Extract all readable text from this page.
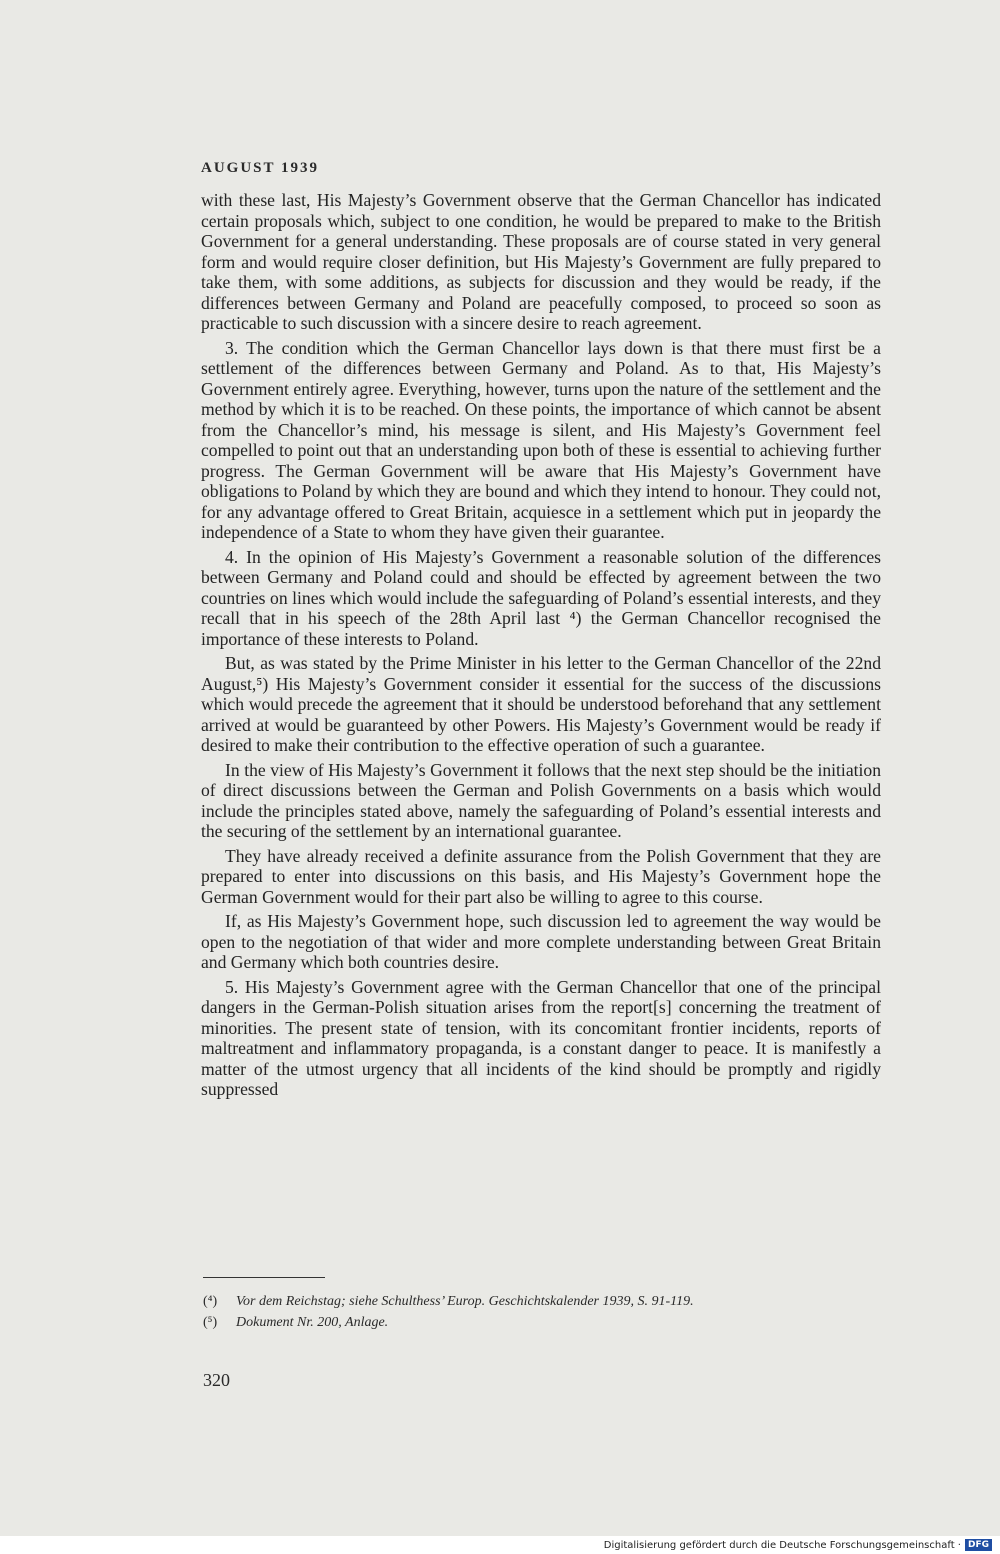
AUGUST 1939

with these last, His Majesty’s Government observe that the German Chancellor has indicated certain proposals which, subject to one condition, he would be prepared to make to the British Government for a general understanding. These proposals are of course stated in very general form and would require closer definition, but His Majesty’s Government are fully prepared to take them, with some additions, as subjects for discussion and they would be ready, if the differences between Germany and Poland are peacefully composed, to proceed so soon as practicable to such discussion with a sincere desire to reach agreement.

3. The condition which the German Chancellor lays down is that there must first be a settlement of the differences between Germany and Poland. As to that, His Majesty’s Government entirely agree. Everything, however, turns upon the nature of the settlement and the method by which it is to be reached. On these points, the importance of which cannot be absent from the Chancellor’s mind, his message is silent, and His Majesty’s Government feel compelled to point out that an understanding upon both of these is essential to achieving further progress. The German Government will be aware that His Majesty’s Government have obligations to Poland by which they are bound and which they intend to honour. They could not, for any advantage offered to Great Britain, acquiesce in a settlement which put in jeopardy the independence of a State to whom they have given their guarantee.

4. In the opinion of His Majesty’s Government a reasonable solution of the differences between Germany and Poland could and should be effected by agreement between the two countries on lines which would include the safeguarding of Poland’s essential interests, and they recall that in his speech of the 28th April last ⁴) the German Chancellor recognised the importance of these interests to Poland.

But, as was stated by the Prime Minister in his letter to the German Chancellor of the 22nd August,⁵) His Majesty’s Government consider it essential for the success of the discussions which would precede the agreement that it should be understood beforehand that any settlement arrived at would be guaranteed by other Powers. His Majesty’s Government would be ready if desired to make their contribution to the effective operation of such a guarantee.

In the view of His Majesty’s Government it follows that the next step should be the initiation of direct discussions between the German and Polish Governments on a basis which would include the principles stated above, namely the safeguarding of Poland’s essential interests and the securing of the settlement by an international guarantee.

They have already received a definite assurance from the Polish Government that they are prepared to enter into discussions on this basis, and His Majesty’s Government hope the German Government would for their part also be willing to agree to this course.

If, as His Majesty’s Government hope, such discussion led to agreement the way would be open to the negotiation of that wider and more complete understanding between Great Britain and Germany which both countries desire.

5. His Majesty’s Government agree with the German Chancellor that one of the principal dangers in the German-Polish situation arises from the report[s] concerning the treatment of minorities. The present state of tension, with its concomitant frontier incidents, reports of maltreatment and inflammatory propaganda, is a constant danger to peace. It is manifestly a matter of the utmost urgency that all incidents of the kind should be promptly and rigidly suppressed

(⁴)	Vor dem Reichstag; siehe Schulthess’ Europ. Geschichtskalender 1939, S. 91-119.
(⁵)	Dokument Nr. 200, Anlage.
320
Digitalisierung gefördert durch die Deutsche Forschungsgemeinschaft · DFG
